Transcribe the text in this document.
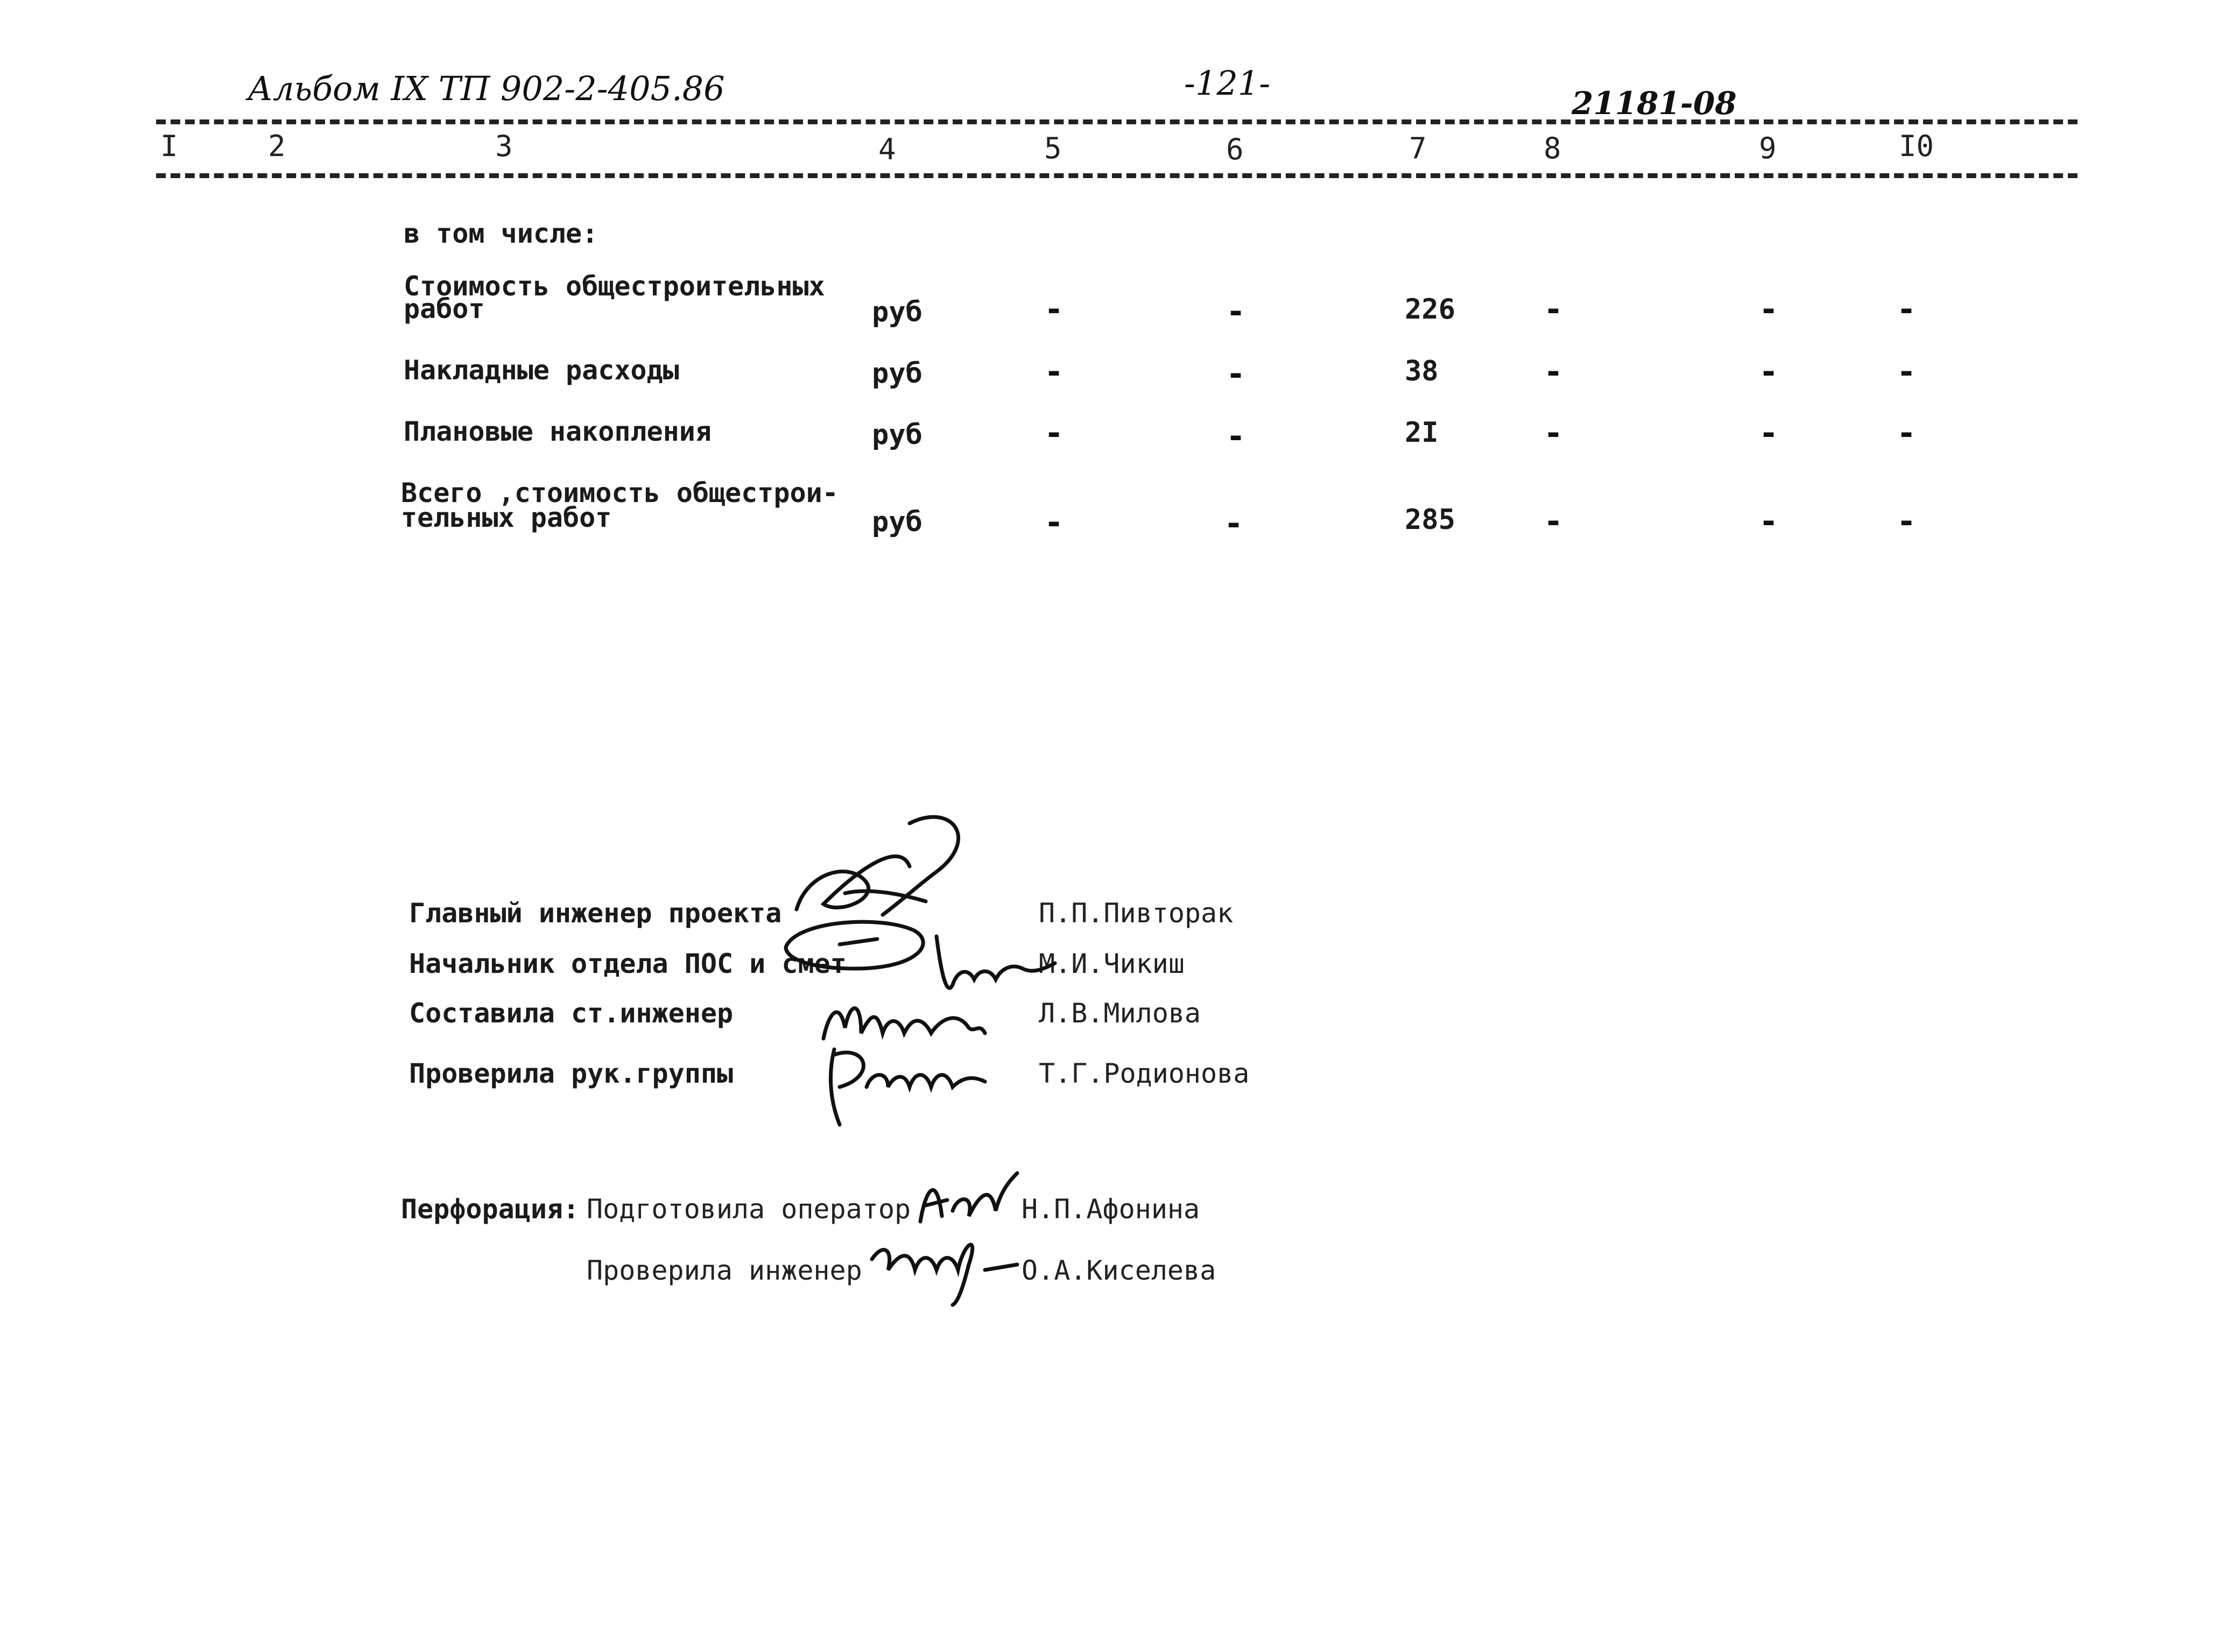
Альбом IX ТП 902-2-405.86	-121-
21181-08
I	2	3	4	5	6	7	8	9	I0
в том числе:
Стоимость общестроительных
работ	руб	-	-	226	-	-	-
Накладные расходы	руб	-	-	38	-	-	-
Плановые накопления	руб	-	-	2I	-	-	-
Всего ,стоимость общестрои-
тельных работ	руб	-	-	285	-	-	-
Главный инженер проекта	П.П.Пивторак
Начальник отдела ПОС и смет	М.И.Чикиш
Составила ст.инженер	Л.В.Милова
Проверила рук.группы	Т.Г.Родионова
Перфорация: Подготовила оператор	Н.П.Афонина
Проверила инженер	О.А.Киселева
